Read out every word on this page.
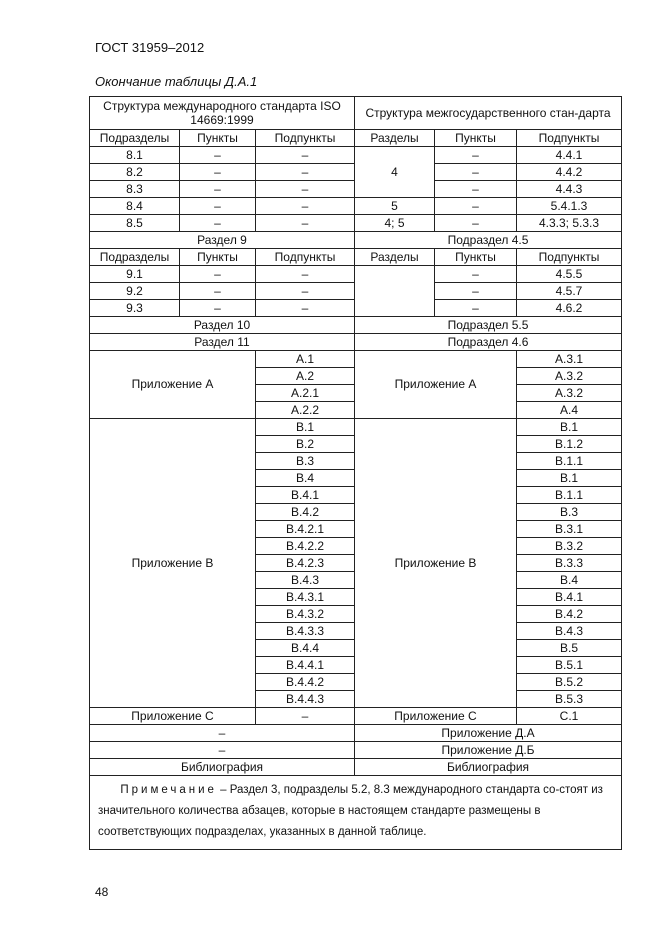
ГОСТ 31959–2012
Окончание таблицы Д.А.1
Структура международного стандарта ISO 14669:1999			Структура межгосударственного стан-дарта		
Подразделы	Пункты	Подпункты	Разделы	Пункты	Подпункты
8.1	–	–	4	–	4.4.1
8.2	–	–		–	4.4.2
8.3	–	–		–	4.4.3
8.4	–	–	5	–	5.4.1.3
8.5	–	–	4; 5	–	4.3.3; 5.3.3
Раздел 9			Подраздел 4.5		
Подразделы	Пункты	Подпункты	Разделы	Пункты	Подпункты
9.1	–	–		–	4.5.5
9.2	–	–		–	4.5.7
9.3	–	–		–	4.6.2
Раздел 10			Подраздел 5.5		
Раздел 11			Подраздел 4.6		
Приложение А		А.1	Приложение А		А.3.1
		А.2			А.3.2
		А.2.1			А.3.2
		А.2.2			А.4
Приложение В		В.1	Приложение В		В.1
		В.2			В.1.2
		В.3			В.1.1
		В.4			В.1
		В.4.1			В.1.1
		В.4.2			В.3
		В.4.2.1			В.3.1
		В.4.2.2			В.3.2
		В.4.2.3			В.3.3
		В.4.3			В.4
		В.4.3.1			В.4.1
		В.4.3.2			В.4.2
		В.4.3.3			В.4.3
		В.4.4			В.5
		В.4.4.1			В.5.1
		В.4.4.2			В.5.2
		В.4.4.3			В.5.3
Приложение С		–	Приложение С		С.1
–			Приложение Д.А		
–			Приложение Д.Б		
Библиография			Библиография		
Примечание – Раздел 3, подразделы 5.2, 8.3 международного стандарта со-стоят из значительного количества абзацев, которые в настоящем стандарте размещены в соответствующих подразделах, указанных в данной таблице.					
48
